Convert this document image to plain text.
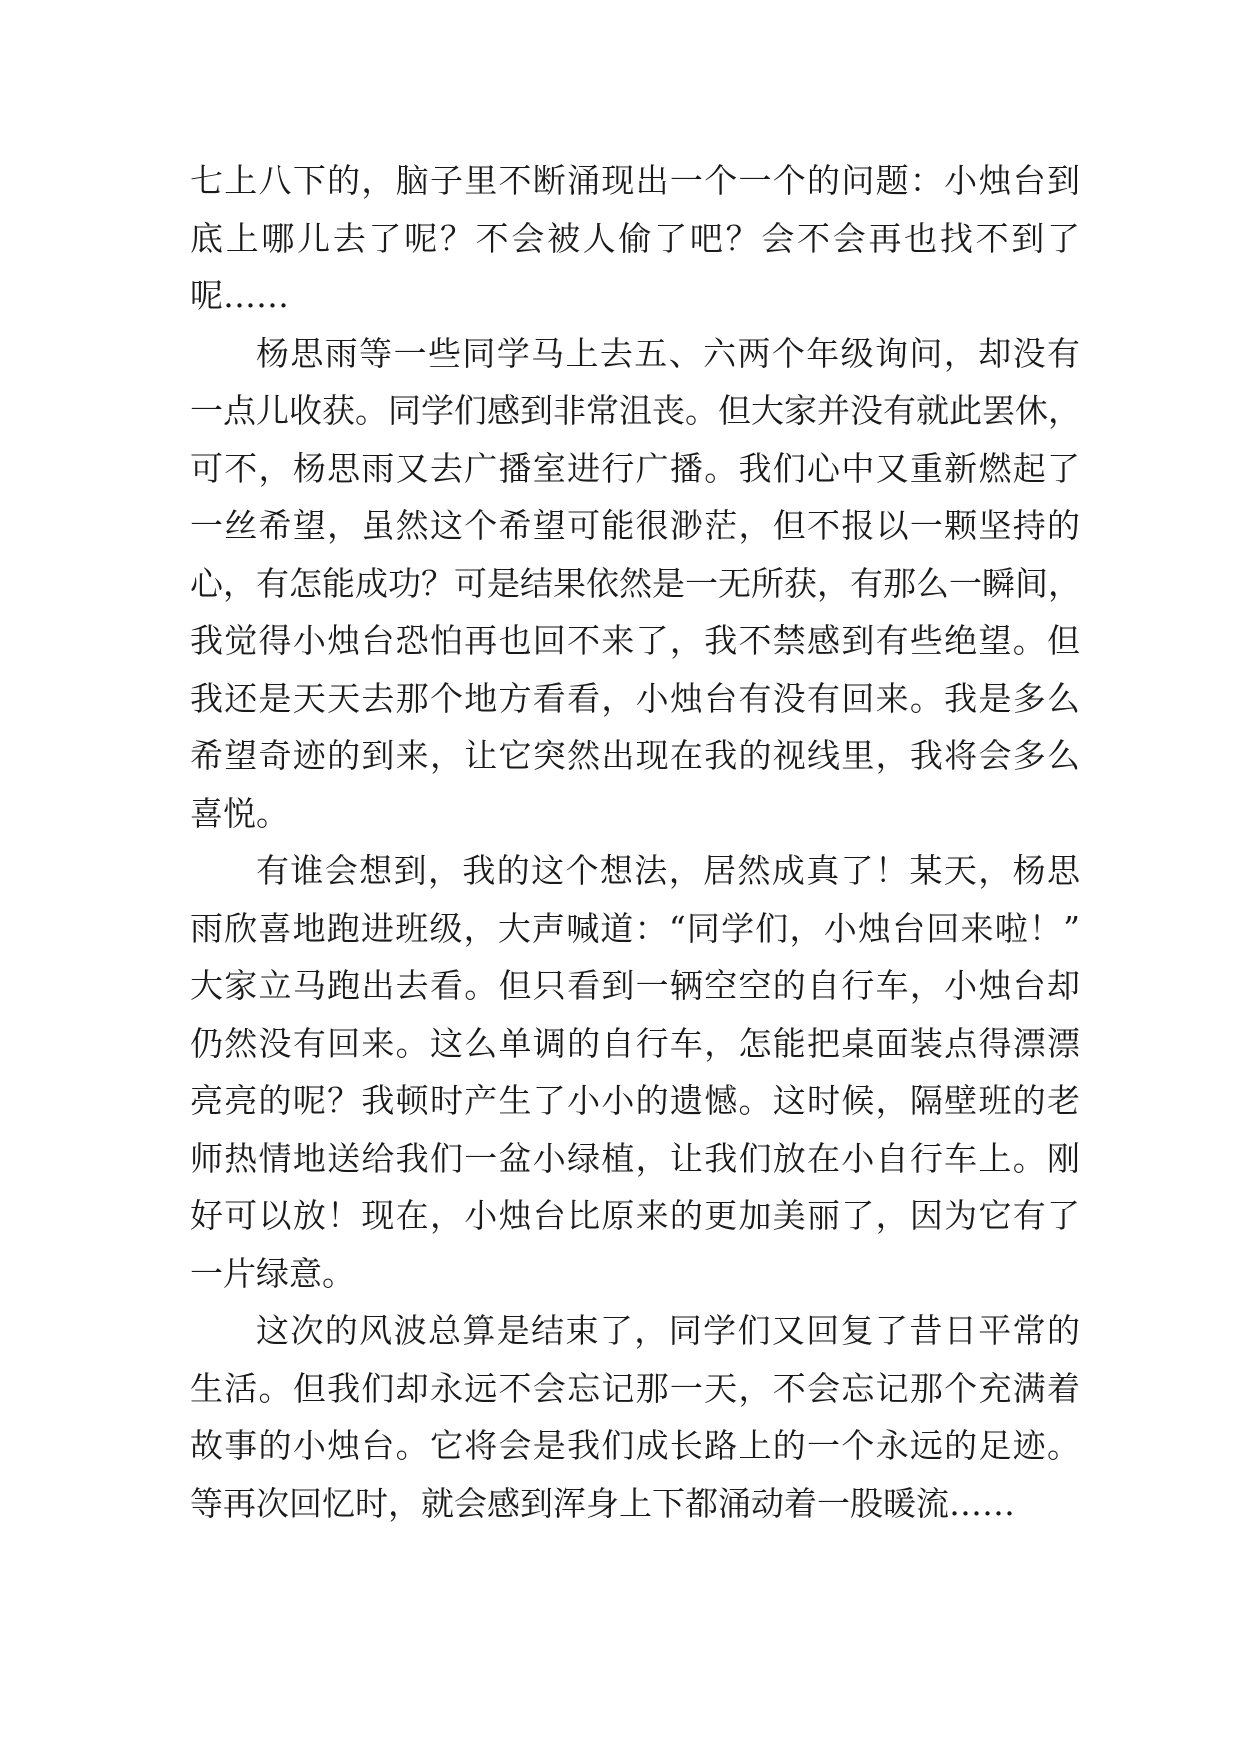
七上八下的，脑子里不断涌现出一个一个的问题：小烛台到
底上哪儿去了呢？不会被人偷了吧？会不会再也找不到了
呢……
杨思雨等一些同学马上去五、六两个年级询问，却没有
一点儿收获。同学们感到非常沮丧。但大家并没有就此罢休，
可不，杨思雨又去广播室进行广播。我们心中又重新燃起了
一丝希望，虽然这个希望可能很渺茫，但不报以一颗坚持的
心，有怎能成功？可是结果依然是一无所获，有那么一瞬间，
我觉得小烛台恐怕再也回不来了，我不禁感到有些绝望。但
我还是天天去那个地方看看，小烛台有没有回来。我是多么
希望奇迹的到来，让它突然出现在我的视线里，我将会多么
喜悦。
有谁会想到，我的这个想法，居然成真了！某天，杨思
雨欣喜地跑进班级，大声喊道：“同学们，小烛台回来啦！”
大家立马跑出去看。但只看到一辆空空的自行车，小烛台却
仍然没有回来。这么单调的自行车，怎能把桌面装点得漂漂
亮亮的呢？我顿时产生了小小的遗憾。这时候，隔壁班的老
师热情地送给我们一盆小绿植，让我们放在小自行车上。刚
好可以放！现在，小烛台比原来的更加美丽了，因为它有了
一片绿意。
这次的风波总算是结束了，同学们又回复了昔日平常的
生活。但我们却永远不会忘记那一天，不会忘记那个充满着
故事的小烛台。它将会是我们成长路上的一个永远的足迹。
等再次回忆时，就会感到浑身上下都涌动着一股暖流……
